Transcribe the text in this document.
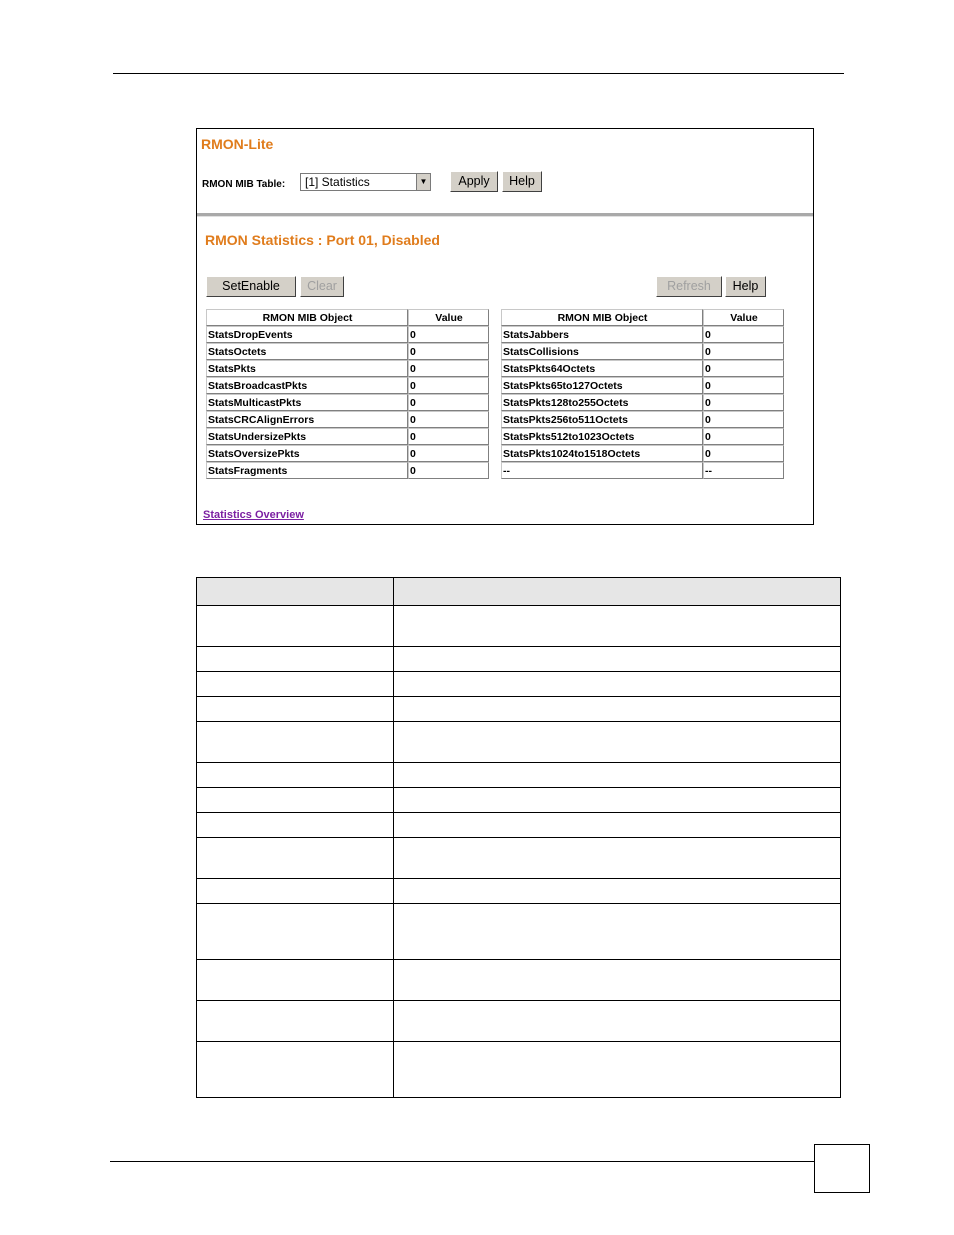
RMON-Lite
RMON MIB Table:	[1] Statistics	▼	Apply	Help
RMON Statistics : Port 01, Disabled
SetEnable	Clear	Refresh	Help
RMON MIB Object	Value
StatsDropEvents	0
StatsOctets	0
StatsPkts	0
StatsBroadcastPkts	0
StatsMulticastPkts	0
StatsCRCAlignErrors	0
StatsUndersizePkts	0
StatsOversizePkts	0
StatsFragments	0
RMON MIB Object	Value
StatsJabbers	0
StatsCollisions	0
StatsPkts64Octets	0
StatsPkts65to127Octets	0
StatsPkts128to255Octets	0
StatsPkts256to511Octets	0
StatsPkts512to1023Octets	0
StatsPkts1024to1518Octets	0
--	--
Statistics Overview
